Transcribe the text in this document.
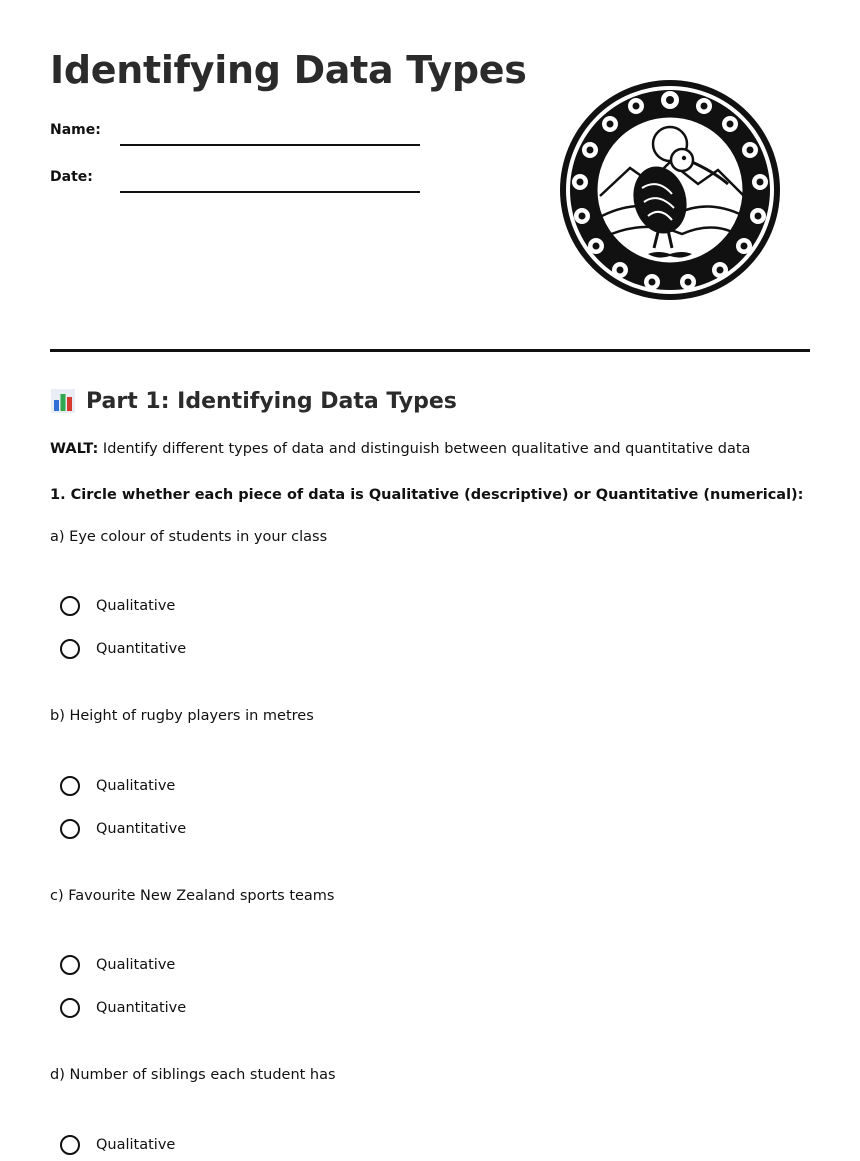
Identifying Data Types
Name:
Date:
Part 1: Identifying Data Types

WALT: Identify different types of data and distinguish between qualitative and quantitative data

1. Circle whether each piece of data is Qualitative (descriptive) or Quantitative (numerical):

a) Eye colour of students in your class

Qualitative
Quantitative

b) Height of rugby players in metres

Qualitative
Quantitative

c) Favourite New Zealand sports teams

Qualitative
Quantitative

d) Number of siblings each student has

Qualitative
